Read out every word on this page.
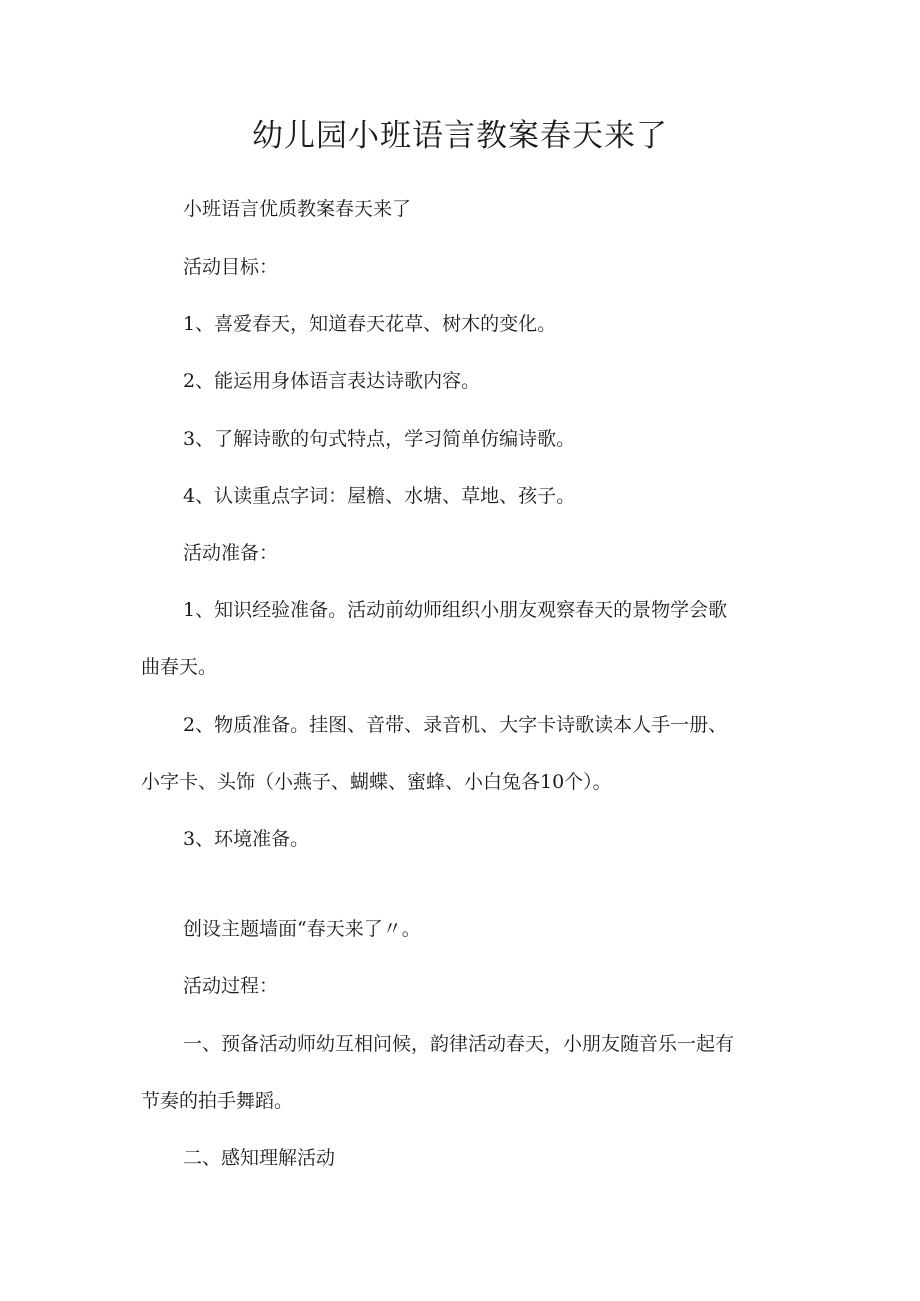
幼儿园小班语言教案春天来了

小班语言优质教案春天来了

活动目标：

1、喜爱春天，知道春天花草、树木的变化。

2、能运用身体语言表达诗歌内容。

3、了解诗歌的句式特点，学习简单仿编诗歌。

4、认读重点字词：屋檐、水塘、草地、孩子。

活动准备：

1、知识经验准备。活动前幼师组织小朋友观察春天的景物学会歌

曲春天。

2、物质准备。挂图、音带、录音机、大字卡诗歌读本人手一册、

小字卡、头饰（小燕子、蝴蝶、蜜蜂、小白兔各10个）。

3、环境准备。

创设主题墙面“春天来了〃。

活动过程：

一、预备活动师幼互相问候，韵律活动春天，小朋友随音乐一起有

节奏的拍手舞蹈。

二、感知理解活动
